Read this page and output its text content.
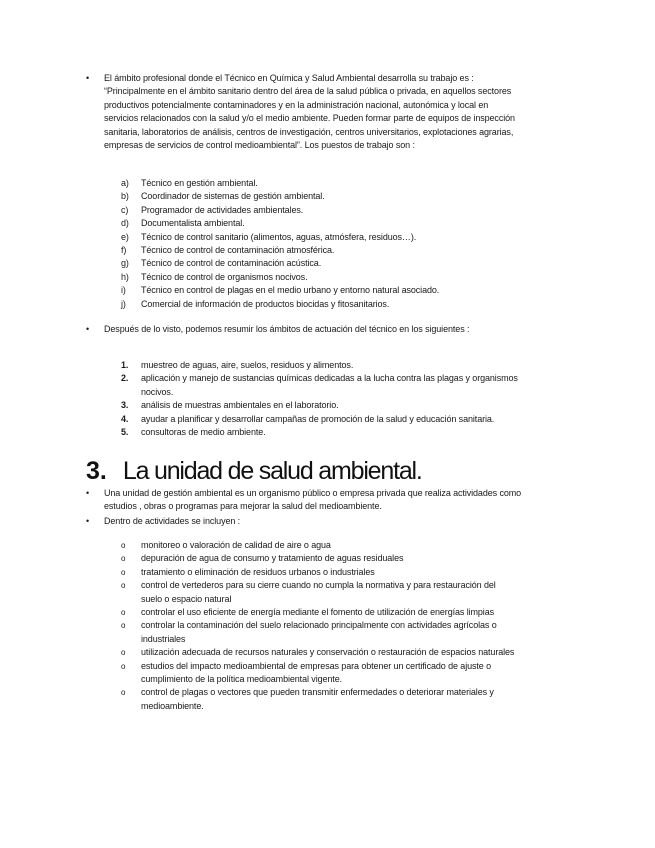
• El ámbito profesional donde el Técnico en Química y Salud Ambiental desarrolla su trabajo es : “Principalmente en el ámbito sanitario dentro del área de la salud pública o privada, en aquellos sectores productivos potencialmente contaminadores y en la administración nacional, autonómica y local en servicios relacionados con la salud y/o el medio ambiente. Pueden formar parte de equipos de inspección sanitaria, laboratorios de análisis, centros de investigación, centros universitarios, explotaciones agrarias, empresas de servicios de control medioambiental”. Los puestos de trabajo son :
a)	Técnico en gestión ambiental.
b)	Coordinador de sistemas de gestión ambiental.
c)	Programador de actividades ambientales.
d)	Documentalista ambiental.
e)	Técnico de control sanitario (alimentos, aguas, atmósfera, residuos…).
f)	Técnico de control de contaminación atmosférica.
g)	Técnico de control de contaminación acústica.
h)	Técnico de control de organismos nocivos.
i)	Técnico en control de plagas en el medio urbano y entorno natural asociado.
j)	Comercial de información de productos biocidas y fitosanitarios.
• Después de lo visto, podemos resumir los ámbitos de actuación del técnico en los siguientes :
1.	muestreo de aguas, aire, suelos, residuos y alimentos.
2.	aplicación y manejo de sustancias químicas dedicadas a la lucha contra las plagas y organismos nocivos.
3.	análisis de muestras ambientales en el laboratorio.
4.	ayudar a planificar y desarrollar campañas de promoción de la salud y educación sanitaria.
5.	consultoras de medio ambiente.
3. La unidad de salud ambiental.
• Una unidad de gestión ambiental es un organismo público o empresa privada que realiza actividades como estudios , obras o programas para mejorar la salud del medioambiente.
• Dentro de actividades se incluyen :
o monitoreo o valoración de calidad de aire o agua
o depuración de agua de consumo y tratamiento de aguas residuales
o tratamiento o eliminación de residuos urbanos o industriales
o control de vertederos para su cierre cuando no cumpla la normativa y para restauración del suelo o espacio natural
o controlar el uso eficiente de energía mediante el fomento de utilización de energías limpias
o controlar la contaminación del suelo relacionado principalmente con actividades agrícolas o industriales
o utilización adecuada de recursos naturales y conservación o restauración de espacios naturales
o estudios del impacto medioambiental de empresas para obtener un certificado de ajuste o cumplimiento de la política medioambiental vigente.
o control de plagas o vectores que pueden transmitir enfermedades o deteriorar materiales y medioambiente.
